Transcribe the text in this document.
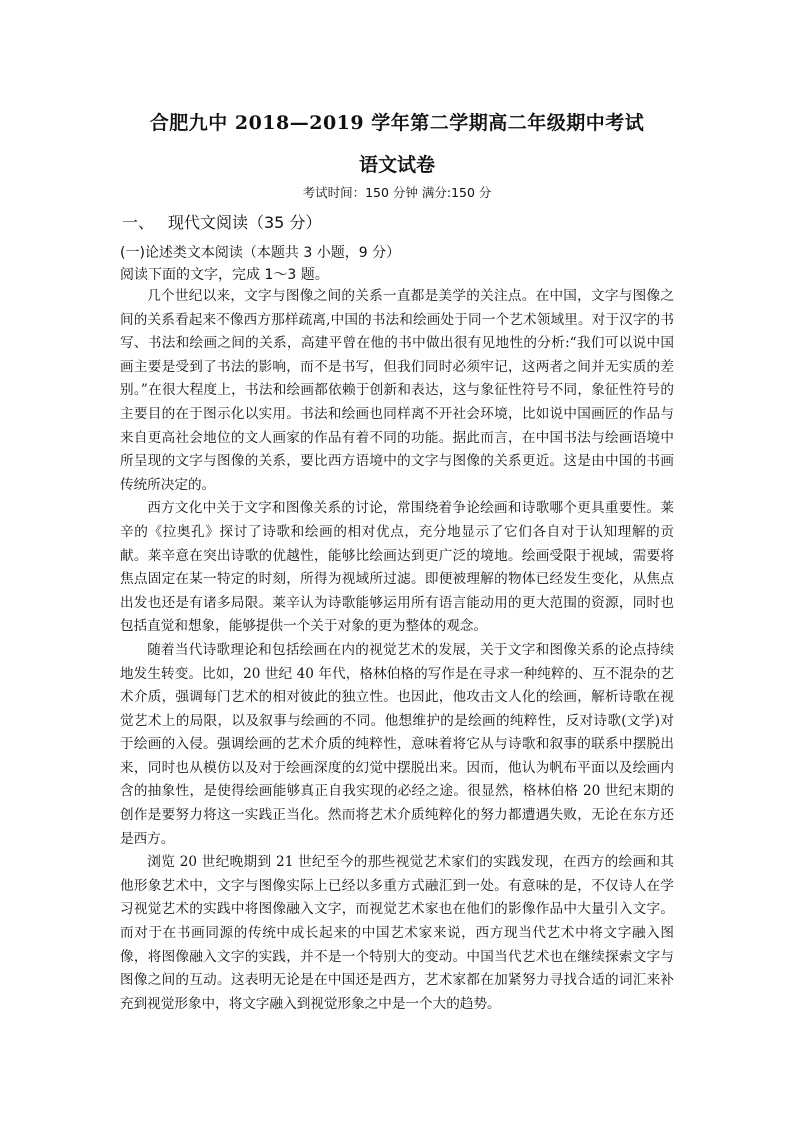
合肥九中 2018—2019 学年第二学期高二年级期中考试
语文试卷
考试时间：150 分钟 满分:150 分
一、 现代文阅读（35 分）
(一)论述类文本阅读（本题共 3 小题，9 分）
阅读下面的文字，完成 1～3 题。

几个世纪以来，文字与图像之间的关系一直都是美学的关注点。在中国，文字与图像之间的关系看起来不像西方那样疏离,中国的书法和绘画处于同一个艺术领域里。对于汉字的书写、书法和绘画之间的关系，高建平曾在他的书中做出很有见地性的分析:“我们可以说中国画主要是受到了书法的影响，而不是书写，但我们同时必须牢记，这两者之间并无实质的差别。”在很大程度上，书法和绘画都依赖于创新和表达，这与象征性符号不同，象征性符号的主要目的在于图示化以实用。书法和绘画也同样离不开社会环境，比如说中国画匠的作品与来自更高社会地位的文人画家的作品有着不同的功能。据此而言，在中国书法与绘画语境中所呈现的文字与图像的关系，要比西方语境中的文字与图像的关系更近。这是由中国的书画传统所决定的。

西方文化中关于文字和图像关系的讨论，常围绕着争论绘画和诗歌哪个更具重要性。莱辛的《拉奥孔》探讨了诗歌和绘画的相对优点，充分地显示了它们各自对于认知理解的贡献。莱辛意在突出诗歌的优越性，能够比绘画达到更广泛的境地。绘画受限于视域，需要将焦点固定在某一特定的时刻，所得为视域所过滤。即便被理解的物体已经发生变化，从焦点出发也还是有诸多局限。莱辛认为诗歌能够运用所有语言能动用的更大范围的资源，同时也包括直觉和想象，能够提供一个关于对象的更为整体的观念。

随着当代诗歌理论和包括绘画在内的视觉艺术的发展，关于文字和图像关系的论点持续地发生转变。比如，20 世纪 40 年代，格林伯格的写作是在寻求一种纯粹的、互不混杂的艺术介质，强调每门艺术的相对彼此的独立性。也因此，他攻击文人化的绘画，解析诗歌在视觉艺术上的局限，以及叙事与绘画的不同。他想维护的是绘画的纯粹性，反对诗歌(文学)对于绘画的入侵。强调绘画的艺术介质的纯粹性，意味着将它从与诗歌和叙事的联系中摆脱出来，同时也从模仿以及对于绘画深度的幻觉中摆脱出来。因而，他认为帆布平面以及绘画内含的抽象性，是使得绘画能够真正自我实现的必经之途。很显然，格林伯格 20 世纪末期的创作是要努力将这一实践正当化。然而将艺术介质纯粹化的努力都遭遇失败，无论在东方还是西方。

浏览 20 世纪晚期到 21 世纪至今的那些视觉艺术家们的实践发现，在西方的绘画和其他形象艺术中，文字与图像实际上已经以多重方式融汇到一处。有意味的是，不仅诗人在学习视觉艺术的实践中将图像融入文字，而视觉艺术家也在他们的影像作品中大量引入文字。而对于在书画同源的传统中成长起来的中国艺术家来说，西方现当代艺术中将文字融入图像，将图像融入文字的实践，并不是一个特别大的变动。中国当代艺术也在继续探索文字与图像之间的互动。这表明无论是在中国还是西方，艺术家都在加紧努力寻找合适的词汇来补充到视觉形象中，将文字融入到视觉形象之中是一个大的趋势。
